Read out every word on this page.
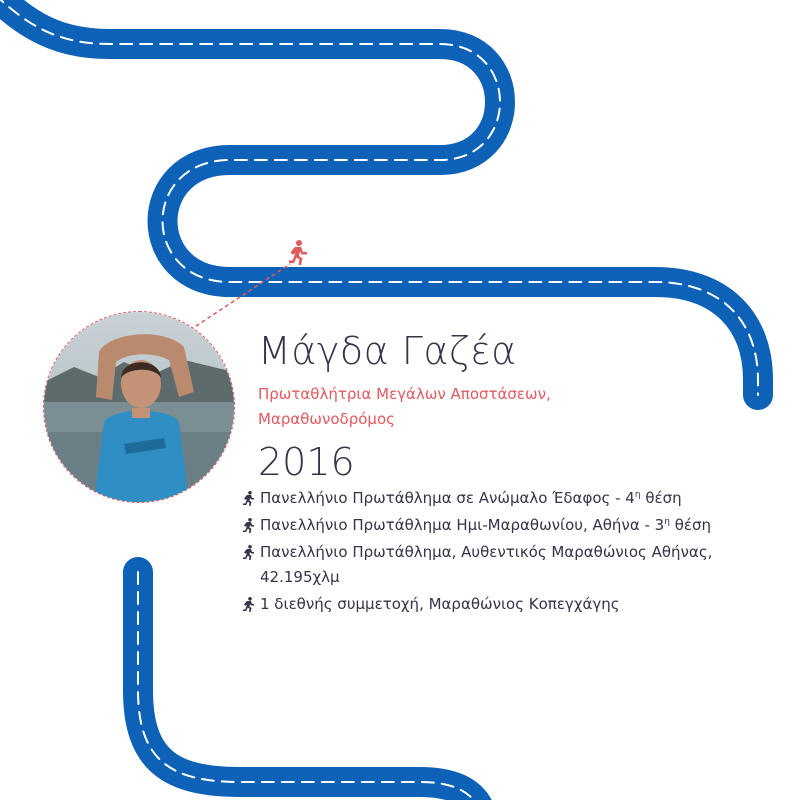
Μάγδα Γαζέα

Πρωταθλήτρια Μεγάλων Αποστάσεων,
Μαραθωνοδρόμος

2016
Πανελλήνιο Πρωτάθλημα σε Ανώμαλο Έδαφος - $4^\eta$ θέση
Πανελλήνιο Πρωτάθλημα Ημι-Μαραθωνίου, Αθήνα - $3^\eta$ θέση
Πανελλήνιο Πρωτάθλημα, Αυθεντικός Μαραθώνιος Αθήνας,
42.195χλμ
1 διεθνής συμμετοχή, Μαραθώνιος Κοπεγχάγης
